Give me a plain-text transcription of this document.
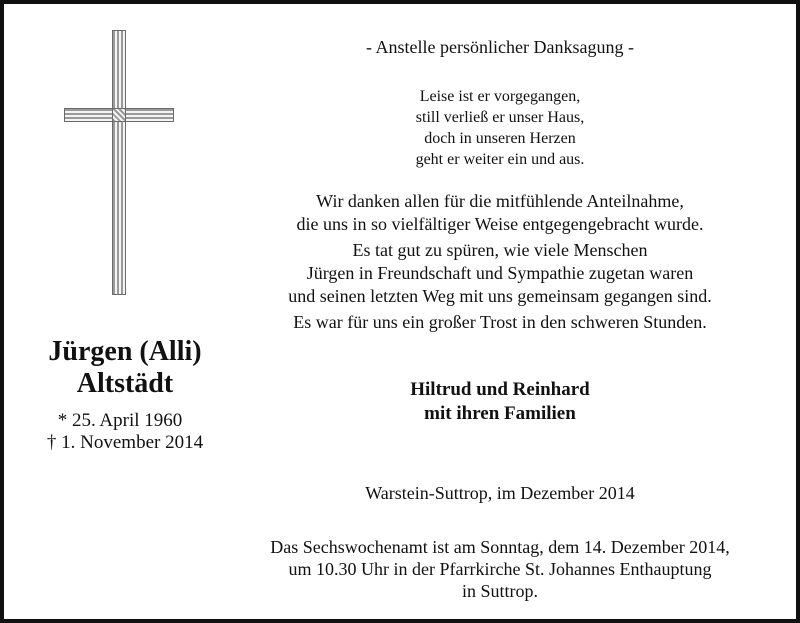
Jürgen (Alli)
Altstädt
* 25. April 1960
† 1. November 2014
- Anstelle persönlicher Danksagung -
Leise ist er vorgegangen,
still verließ er unser Haus,
doch in unseren Herzen
geht er weiter ein und aus.
Wir danken allen für die mitfühlende Anteilnahme,
die uns in so vielfältiger Weise entgegengebracht wurde.
Es tat gut zu spüren, wie viele Menschen
Jürgen in Freundschaft und Sympathie zugetan waren
und seinen letzten Weg mit uns gemeinsam gegangen sind.
Es war für uns ein großer Trost in den schweren Stunden.
Hiltrud und Reinhard
mit ihren Familien
Warstein-Suttrop, im Dezember 2014
Das Sechswochenamt ist am Sonntag, dem 14. Dezember 2014,
um 10.30 Uhr in der Pfarrkirche St. Johannes Enthauptung
in Suttrop.
